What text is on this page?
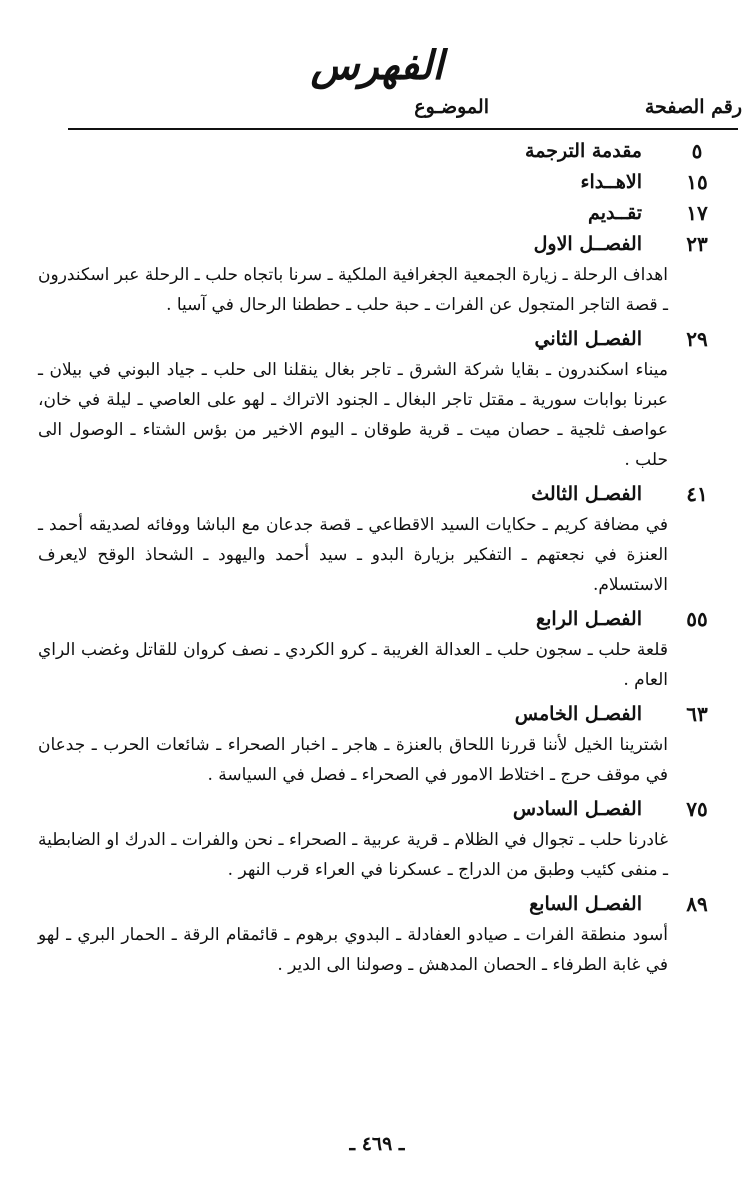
الفهرس
رقم الصفحة
الموضـوع
٥
مقدمة الترجمة
١٥
الاهــداء
١٧
تقــديم
٢٣
الفصــل الاول
اهداف الرحلة ـ زيارة الجمعية الجغرافية الملكية ـ سرنا باتجاه حلب ـ الرحلة عبر اسكندرون ـ قصة التاجر المتجول عن الفرات ـ حبة حلب ـ حططنا الرحال في آسيا .
٢٩
الفصـل الثاني
ميناء اسكندرون ـ بقايا شركة الشرق ـ تاجر بغال ينقلنا الى حلب ـ جياد البوني في بيلان ـ عبرنا بوابات سورية ـ مقتل تاجر البغال ـ الجنود الاتراك ـ لهو على العاصي ـ ليلة في خان، عواصف ثلجية ـ حصان ميت ـ قرية طوقان ـ اليوم الاخير من بؤس الشتاء ـ الوصول الى حلب .
٤١
الفصـل الثالث
في مضافة كريم ـ حكايات السيد الاقطاعي ـ قصة جدعان مع الباشا ووفائه لصديقه أحمد ـ العنزة في نجعتهم ـ التفكير بزيارة البدو ـ سيد أحمد واليهود ـ الشحاذ الوقح لايعرف الاستسلام.
٥٥
الفصـل الرابع
قلعة حلب ـ سجون حلب ـ العدالة الغريبة ـ كرو الكردي ـ نصف كروان للقاتل وغضب الراي العام .
٦٣
الفصـل الخامس
اشترينا الخيل لأننا قررنا اللحاق بالعنزة ـ هاجر ـ اخبار الصحراء ـ شائعات الحرب ـ جدعان في موقف حرج ـ اختلاط الامور في الصحراء ـ فصل في السياسة .
٧٥
الفصـل السادس
غادرنا حلب ـ تجوال في الظلام ـ قرية عربية ـ الصحراء ـ نحن والفرات ـ الدرك او الضابطية ـ منفى كئيب وطبق من الدراج ـ عسكرنا في العراء قرب النهر .
٨٩
الفصـل السابع
أسود منطقة الفرات ـ صيادو العفادلة ـ البدوي برهوم ـ قائمقام الرقة ـ الحمار البري ـ لهو في غابة الطرفاء ـ الحصان المدهش ـ وصولنا الى الدير .
ـ ٤٦٩ ـ
